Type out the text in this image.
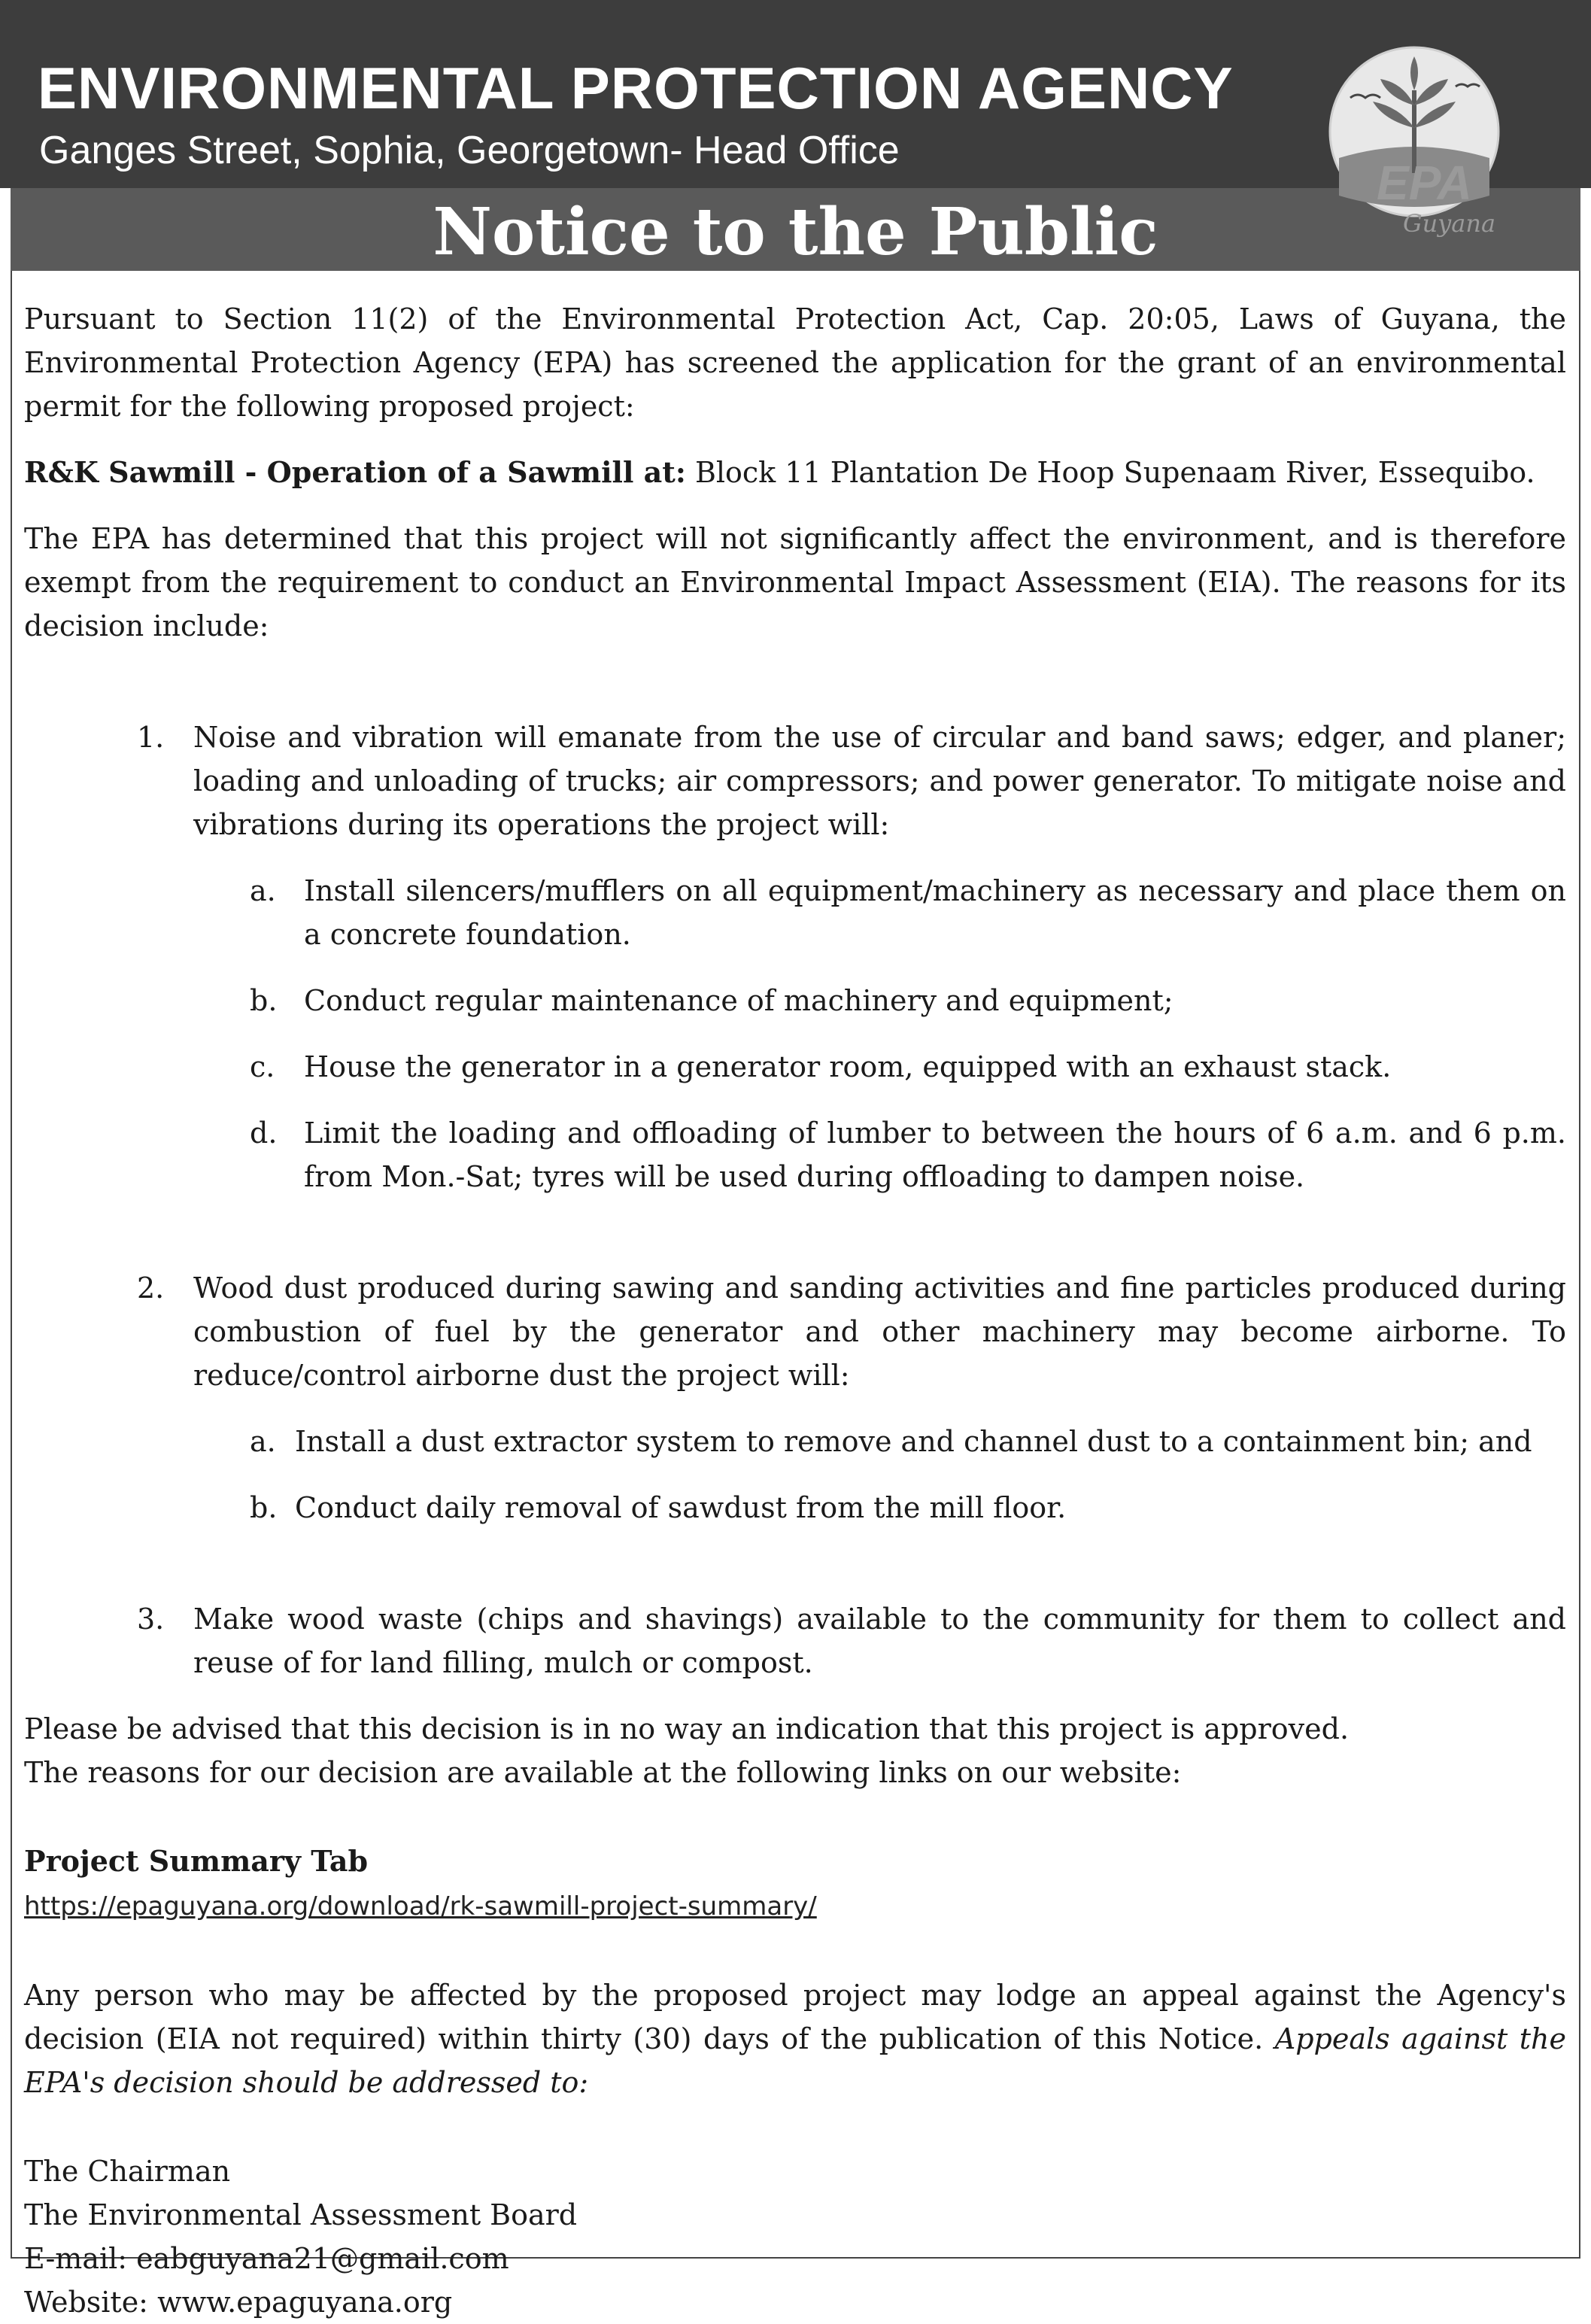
ENVIRONMENTAL PROTECTION AGENCY
Ganges Street, Sophia, Georgetown- Head Office
Notice to the Public
EPA
Guyana

Pursuant to Section 11(2) of the Environmental Protection Act, Cap. 20:05, Laws of Guyana, the Environmental Protection Agency (EPA) has screened the application for the grant of an environmental permit for the following proposed project:

R&K Sawmill - Operation of a Sawmill at: Block 11 Plantation De Hoop Supenaam River, Essequibo.

The EPA has determined that this project will not significantly affect the environment, and is therefore exempt from the requirement to conduct an Environmental Impact Assessment (EIA). The reasons for its decision include:

1. Noise and vibration will emanate from the use of circular and band saws; edger, and planer; loading and unloading of trucks; air compressors; and power generator. To mitigate noise and vibrations during its operations the project will:
a. Install silencers/mufflers on all equipment/machinery as necessary and place them on a concrete foundation.
b. Conduct regular maintenance of machinery and equipment;
c. House the generator in a generator room, equipped with an exhaust stack.
d. Limit the loading and offloading of lumber to between the hours of 6 a.m. and 6 p.m. from Mon.-Sat; tyres will be used during offloading to dampen noise.
2. Wood dust produced during sawing and sanding activities and fine particles produced during combustion of fuel by the generator and other machinery may become airborne. To reduce/control airborne dust the project will:
a. Install a dust extractor system to remove and channel dust to a containment bin; and
b. Conduct daily removal of sawdust from the mill floor.
3. Make wood waste (chips and shavings) available to the community for them to collect and reuse of for land filling, mulch or compost.

Please be advised that this decision is in no way an indication that this project is approved.

The reasons for our decision are available at the following links on our website:

Project Summary Tab

https://epaguyana.org/download/rk-sawmill-project-summary/

Any person who may be affected by the proposed project may lodge an appeal against the Agency's decision (EIA not required) within thirty (30) days of the publication of this Notice. Appeals against the EPA's decision should be addressed to:

The Chairman

The Environmental Assessment Board

E-mail: eabguyana21@gmail.com

Website: www.epaguyana.org
